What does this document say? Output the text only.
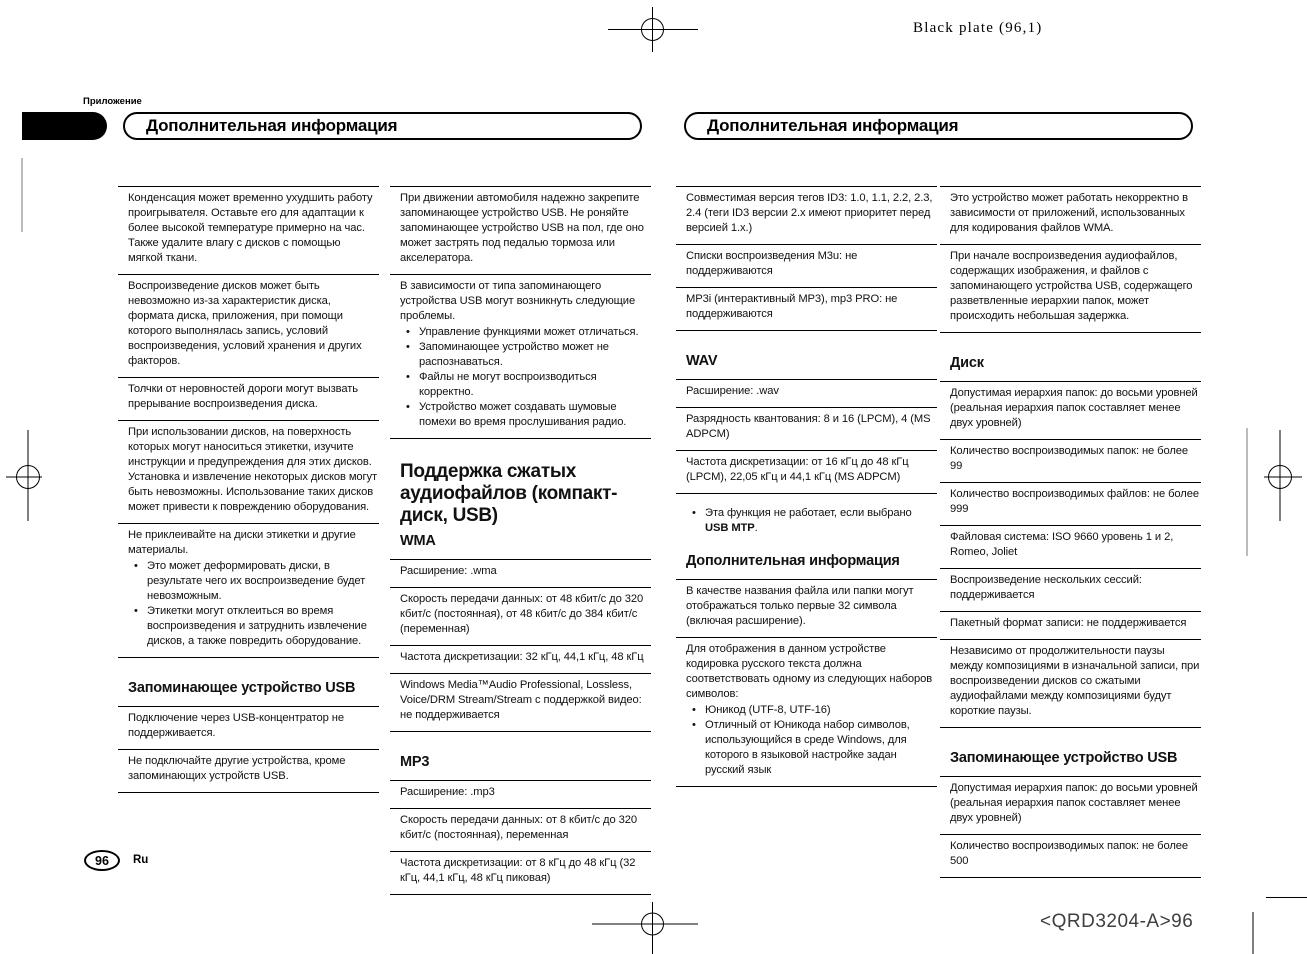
Black plate (96,1)
Приложение
Дополнительная информация	Дополнительная информация
Конденсация может временно ухудшить работу проигрывателя. Оставьте его для адаптации к более высокой температуре примерно на час. Также удалите влагу с дисков с помощью мягкой ткани.
Воспроизведение дисков может быть невозможно из-за характеристик диска, формата диска, приложения, при помощи которого выполнялась запись, условий воспроизведения, условий хранения и других факторов.
Толчки от неровностей дороги могут вызвать прерывание воспроизведения диска.
При использовании дисков, на поверхность которых могут наноситься этикетки, изучите инструкции и предупреждения для этих дисков. Установка и извлечение некоторых дисков могут быть невозможны. Использование таких дисков может привести к повреждению оборудования.
Не приклеивайте на диски этикетки и другие материалы.
• Это может деформировать диски, в результате чего их воспроизведение будет невозможным.
• Этикетки могут отклеиться во время воспроизведения и затруднить извлечение дисков, а также повредить оборудование.
Запоминающее устройство USB
Подключение через USB-концентратор не поддерживается.
Не подключайте другие устройства, кроме запоминающих устройств USB.
При движении автомобиля надежно закрепите запоминающее устройство USB. Не роняйте запоминающее устройство USB на пол, где оно может застрять под педалью тормоза или акселератора.
В зависимости от типа запоминающего устройства USB могут возникнуть следующие проблемы.
• Управление функциями может отличаться.
• Запоминающее устройство может не распознаваться.
• Файлы не могут воспроизводиться корректно.
• Устройство может создавать шумовые помехи во время прослушивания радио.
Поддержка сжатых аудиофайлов (компакт-диск, USB)
WMA
Расширение: .wma
Скорость передачи данных: от 48 кбит/с до 320 кбит/с (постоянная), от 48 кбит/с до 384 кбит/с (переменная)
Частота дискретизации: 32 кГц, 44,1 кГц, 48 кГц
Windows Media™Audio Professional, Lossless, Voice/DRM Stream/Stream с поддержкой видео: не поддерживается
MP3
Расширение: .mp3
Скорость передачи данных: от 8 кбит/с до 320 кбит/с (постоянная), переменная
Частота дискретизации: от 8 кГц до 48 кГц (32 кГц, 44,1 кГц, 48 кГц пиковая)
Совместимая версия тегов ID3: 1.0, 1.1, 2.2, 2.3, 2.4 (теги ID3 версии 2.x имеют приоритет перед версией 1.x.)
Списки воспроизведения M3u: не поддерживаются
MP3i (интерактивный MP3), mp3 PRO: не поддерживаются
WAV
Расширение: .wav
Разрядность квантования: 8 и 16 (LPCM), 4 (MS ADPCM)
Частота дискретизации: от 16 кГц до 48 кГц (LPCM), 22,05 кГц и 44,1 кГц (MS ADPCM)
• Эта функция не работает, если выбрано USB MTP.
Дополнительная информация
В качестве названия файла или папки могут отображаться только первые 32 символа (включая расширение).
Для отображения в данном устройстве кодировка русского текста должна соответствовать одному из следующих наборов символов:
• Юникод (UTF-8, UTF-16)
• Отличный от Юникода набор символов, использующийся в среде Windows, для которого в языковой настройке задан русский язык
Это устройство может работать некорректно в зависимости от приложений, использованных для кодирования файлов WMA.
При начале воспроизведения аудиофайлов, содержащих изображения, и файлов с запоминающего устройства USB, содержащего разветвленные иерархии папок, может происходить небольшая задержка.
Диск
Допустимая иерархия папок: до восьми уровней (реальная иерархия папок составляет менее двух уровней)
Количество воспроизводимых папок: не более 99
Количество воспроизводимых файлов: не более 999
Файловая система: ISO 9660 уровень 1 и 2, Romeo, Joliet
Воспроизведение нескольких сессий: поддерживается
Пакетный формат записи: не поддерживается
Независимо от продолжительности паузы между композициями в изначальной записи, при воспроизведении дисков со сжатыми аудиофайлами между композициями будут короткие паузы.
Запоминающее устройство USB
Допустимая иерархия папок: до восьми уровней (реальная иерархия папок составляет менее двух уровней)
Количество воспроизводимых папок: не более 500
96 Ru
<QRD3204-A>96
